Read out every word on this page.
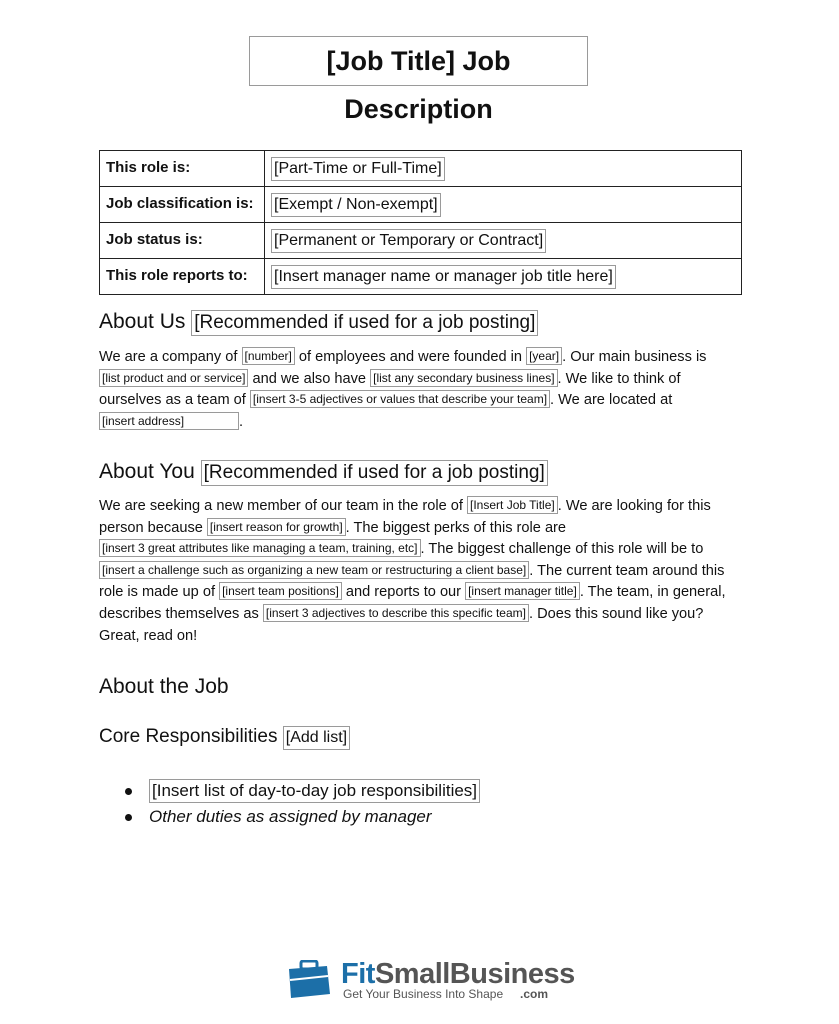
[Job Title] Job Description
This role is:	[Part-Time or Full-Time]
Job classification is:	[Exempt / Non-exempt]
Job status is:	[Permanent or Temporary or Contract]
This role reports to:	[Insert manager name or manager job title here]
About Us [Recommended if used for a job posting]

We are a company of [number] of employees and were founded in [year] . Our main business is [list product and or service] and we also have [list any secondary business lines] . We like to think of ourselves as a team of [insert 3-5 adjectives or values that describe your team] . We are located at [insert address]	.

About You [Recommended if used for a job posting]

We are seeking a new member of our team in the role of [Insert Job Title] . We are looking for this person because [insert reason for growth] . The biggest perks of this role are [insert 3 great attributes like managing a team, training, etc] . The biggest challenge of this role will be to [insert a challenge such as organizing a new team or restructuring a client base] . The current team around this role is made up of [insert team positions] and reports to our [insert manager title] . The team, in general, describes themselves as [insert 3 adjectives to describe this specific team] . Does this sound like you? Great, read on!

About the Job

Core Responsibilities [Add list]

[Insert list of day-to-day job responsibilities]
Other duties as assigned by manager
FitSmallBusiness
Get Your Business Into Shape .com
